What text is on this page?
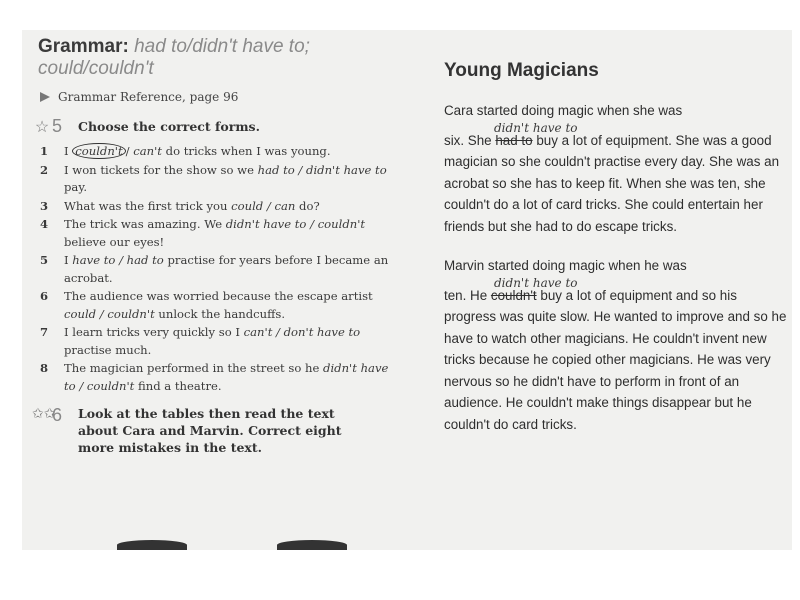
Grammar: had to/didn't have to;
could/couldn't
Grammar Reference, page 96
☆ 5	Choose the correct forms.
1	I couldn't / can't do tricks when I was young.
2	I won tickets for the show so we had to / didn't have to pay.
3	What was the first trick you could / can do?
4	The trick was amazing. We didn't have to / couldn't believe our eyes!
5	I have to / had to practise for years before I became an acrobat.
6	The audience was worried because the escape artist could / couldn't unlock the handcuffs.
7	I learn tricks very quickly so I can't / don't have to practise much.
8	The magician performed in the street so he didn't have to / couldn't find a theatre.
✩✩
6	Look at the tables then read the text about Cara and Marvin. Correct eight more mistakes in the text.
Young Magicians

Cara started doing magic when she was
didn't have to
six. She had to buy a lot of equipment. She was a good magician so she couldn't practise every day. She was an acrobat so she has to keep fit. When she was ten, she couldn't do a lot of card tricks. She could entertain her friends but she had to do escape tricks.

Marvin started doing magic when he was
didn't have to
ten. He couldn't buy a lot of equipment and so his progress was quite slow. He wanted to improve and so he have to watch other magicians. He couldn't invent new tricks because he copied other magicians. He was very nervous so he didn't have to perform in front of an audience. He couldn't make things disappear but he couldn't do card tricks.
